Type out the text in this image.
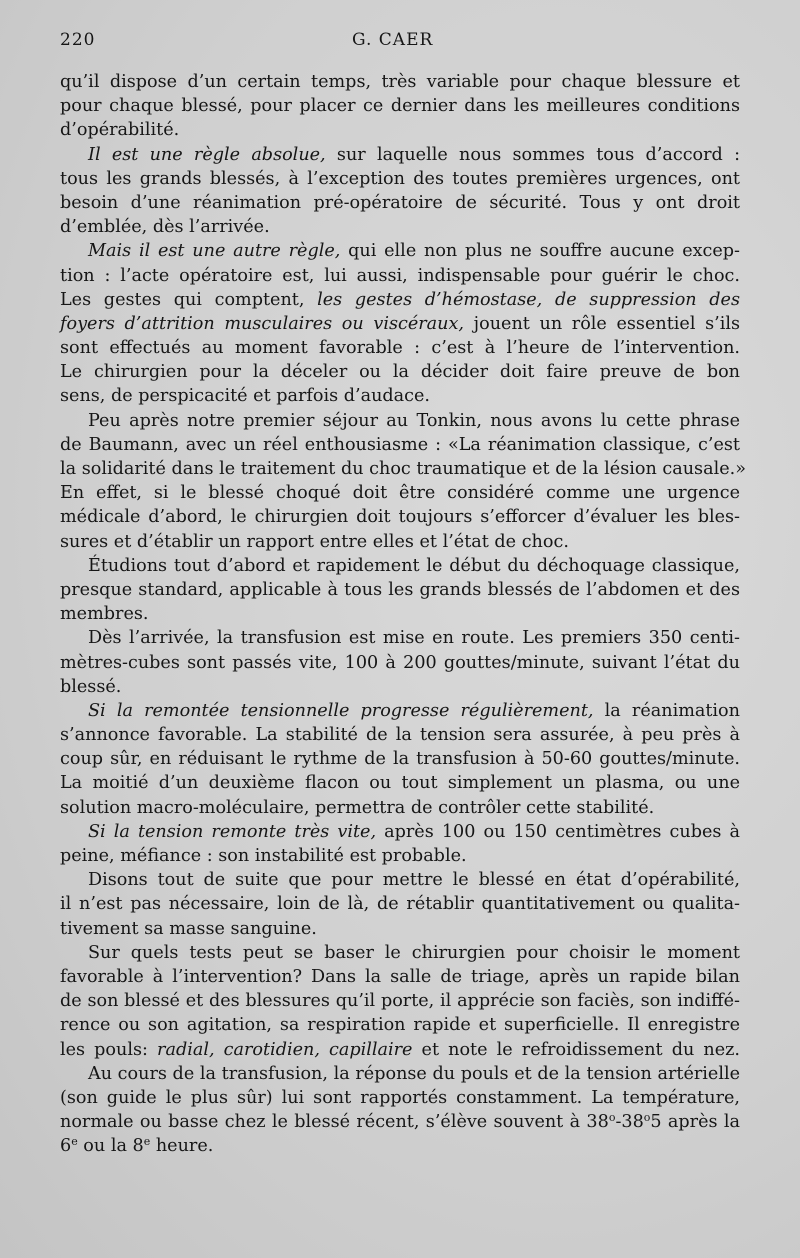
220	G. CAER
qu’il dispose d’un certain temps, très variable pour chaque blessure et
pour chaque blessé, pour placer ce dernier dans les meilleures conditions
d’opérabilité.
Il est une règle absolue, sur laquelle nous sommes tous d’accord :
tous les grands blessés, à l’exception des toutes premières urgences, ont
besoin d’une réanimation pré-opératoire de sécurité. Tous y ont droit
d’emblée, dès l’arrivée.
Mais il est une autre règle, qui elle non plus ne souffre aucune excep-
tion : l’acte opératoire est, lui aussi, indispensable pour guérir le choc.
Les gestes qui comptent, les gestes d’hémostase, de suppression des
foyers d’attrition musculaires ou viscéraux, jouent un rôle essentiel s’ils
sont effectués au moment favorable : c’est à l’heure de l’intervention.
Le chirurgien pour la déceler ou la décider doit faire preuve de bon
sens, de perspicacité et parfois d’audace.
Peu après notre premier séjour au Tonkin, nous avons lu cette phrase
de Baumann, avec un réel enthousiasme : «La réanimation classique, c’est
la solidarité dans le traitement du choc traumatique et de la lésion causale.»
En effet, si le blessé choqué doit être considéré comme une urgence
médicale d’abord, le chirurgien doit toujours s’efforcer d’évaluer les bles-
sures et d’établir un rapport entre elles et l’état de choc.
Étudions tout d’abord et rapidement le début du déchoquage classique,
presque standard, applicable à tous les grands blessés de l’abdomen et des
membres.
Dès l’arrivée, la transfusion est mise en route. Les premiers 350 centi-
mètres-cubes sont passés vite, 100 à 200 gouttes/minute, suivant l’état du
blessé.
Si la remontée tensionnelle progresse régulièrement, la réanimation
s’annonce favorable. La stabilité de la tension sera assurée, à peu près à
coup sûr, en réduisant le rythme de la transfusion à 50-60 gouttes/minute.
La moitié d’un deuxième flacon ou tout simplement un plasma, ou une
solution macro-moléculaire, permettra de contrôler cette stabilité.
Si la tension remonte très vite, après 100 ou 150 centimètres cubes à
peine, méfiance : son instabilité est probable.
Disons tout de suite que pour mettre le blessé en état d’opérabilité,
il n’est pas nécessaire, loin de là, de rétablir quantitativement ou qualita-
tivement sa masse sanguine.
Sur quels tests peut se baser le chirurgien pour choisir le moment
favorable à l’intervention? Dans la salle de triage, après un rapide bilan
de son blessé et des blessures qu’il porte, il apprécie son faciès, son indiffé-
rence ou son agitation, sa respiration rapide et superficielle. Il enregistre
les pouls: radial, carotidien, capillaire et note le refroidissement du nez.
Au cours de la transfusion, la réponse du pouls et de la tension artérielle
(son guide le plus sûr) lui sont rapportés constamment. La température,
normale ou basse chez le blessé récent, s’élève souvent à 38$^o$-38$^o$5 après la
6e ou la 8e heure.
